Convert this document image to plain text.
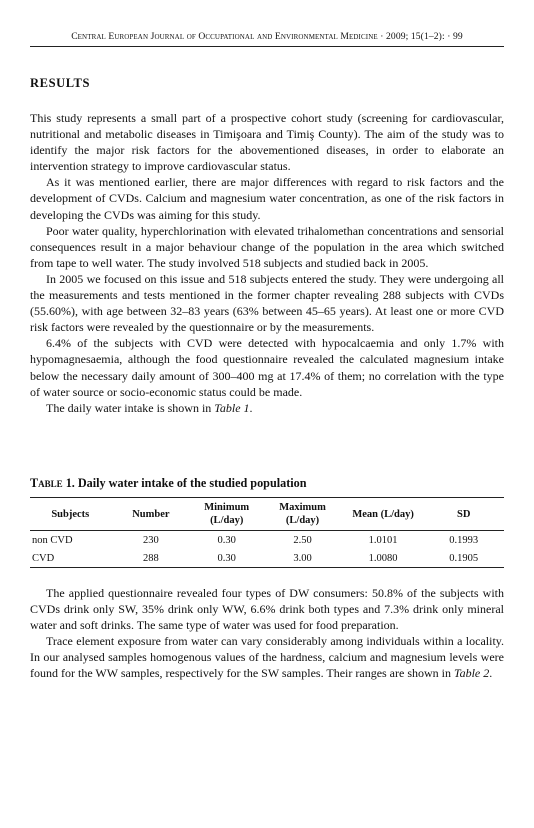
Central European Journal of Occupational and Environmental Medicine · 2009; 15(1–2): · 99
RESULTS

This study represents a small part of a prospective cohort study (screening for cardiovascular, nutritional and metabolic diseases in Timişoara and Timiş County). The aim of the study was to identify the major risk factors for the abovementioned diseases, in order to elaborate an intervention strategy to improve cardiovascular status.

As it was mentioned earlier, there are major differences with regard to risk factors and the development of CVDs. Calcium and magnesium water concentration, as one of the risk factors in developing the CVDs was aiming for this study.

Poor water quality, hyperchlorination with elevated trihalomethan concentrations and sensorial consequences result in a major behaviour change of the population in the area which switched from tape to well water. The study involved 518 subjects and studied back in 2005.

In 2005 we focused on this issue and 518 subjects entered the study. They were undergoing all the measurements and tests mentioned in the former chapter revealing 288 subjects with CVDs (55.60%), with age between 32–83 years (63% between 45–65 years). At least one or more CVD risk factors were revealed by the questionnaire or by the measurements.

6.4% of the subjects with CVD were detected with hypocalcaemia and only 1.7% with hypomagnesaemia, although the food questionnaire revealed the calculated magnesium intake below the necessary daily amount of 300–400 mg at 17.4% of them; no correlation with the type of water source or socio-economic status could be made.

The daily water intake is shown in Table 1.

Table 1. Daily water intake of the studied population
Subjects	Number	Minimum (L/day)	Maximum (L/day)	Mean (L/day)	SD
non CVD	230	0.30	2.50	1.0101	0.1993
CVD	288	0.30	3.00	1.0080	0.1905

The applied questionnaire revealed four types of DW consumers: 50.8% of the subjects with CVDs drink only SW, 35% drink only WW, 6.6% drink both types and 7.3% drink only mineral water and soft drinks. The same type of water was used for food preparation.

Trace element exposure from water can vary considerably among individuals within a locality. In our analysed samples homogenous values of the hardness, calcium and magnesium levels were found for the WW samples, respectively for the SW samples. Their ranges are shown in Table 2.
